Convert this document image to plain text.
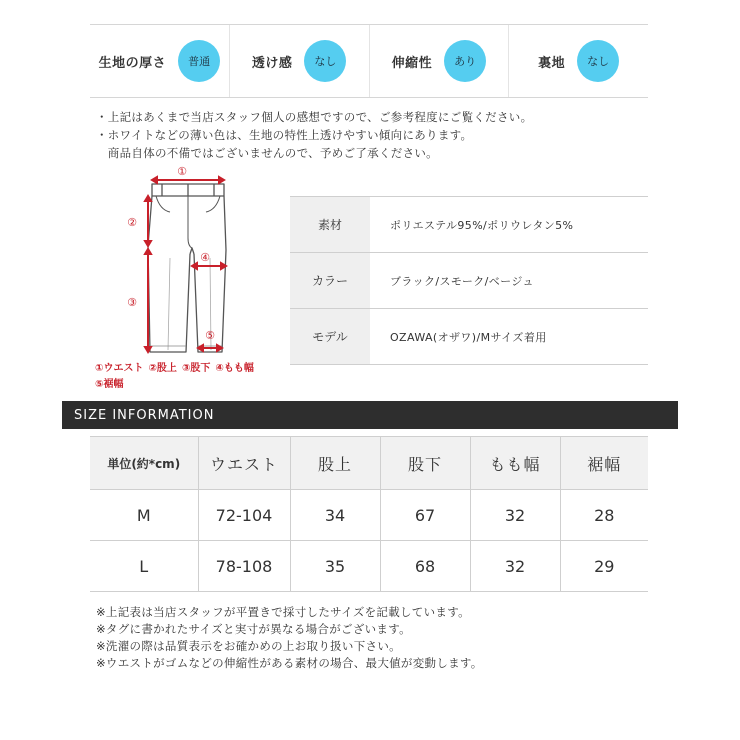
生地の厚さ	普通	透け感	なし	伸縮性	あり	裏地	なし
・上記はあくまで当店スタッフ個人の感想ですので、ご参考程度にご覧ください。
・ホワイトなどの薄い色は、生地の特性上透けやすい傾向にあります。
　商品自体の不備ではございませんので、予めご了承ください。
①
②
③
④
⑤
①ウエスト ②股上 ③股下 ④もも幅
⑤裾幅
素材	ポリエステル95%/ポリウレタン5%
カラー	ブラック/スモーク/ベージュ
モデル	OZAWA(オザワ)/Mサイズ着用
SIZE INFORMATION
単位(約*cm)	ウエスト	股上	股下	もも幅	裾幅
M	72-104	34	67	32	28
L	78-108	35	68	32	29
※上記表は当店スタッフが平置きで採寸したサイズを記載しています。
※タグに書かれたサイズと実寸が異なる場合がございます。
※洗濯の際は品質表示をお確かめの上お取り扱い下さい。
※ウエストがゴムなどの伸縮性がある素材の場合、最大値が変動します。
